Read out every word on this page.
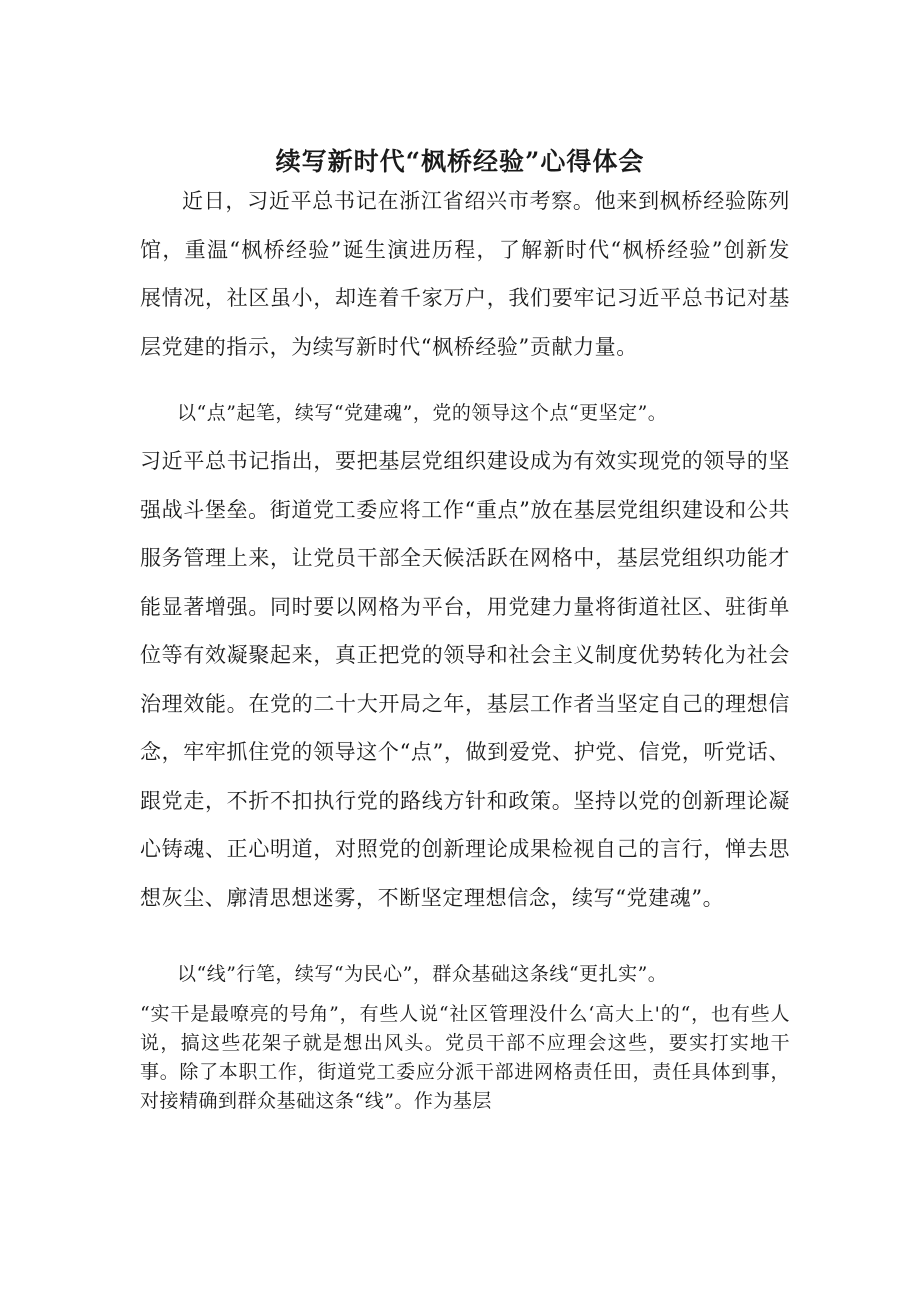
续写新时代“枫桥经验”心得体会

近日，习近平总书记在浙江省绍兴市考察。他来到枫桥经验陈列馆，重温“枫桥经验”诞生演进历程，了解新时代“枫桥经验”创新发展情况，社区虽小，却连着千家万户，我们要牢记习近平总书记对基层党建的指示，为续写新时代“枫桥经验”贡献力量。

以“点”起笔，续写“党建魂”，党的领导这个点“更坚定”。

习近平总书记指出，要把基层党组织建设成为有效实现党的领导的坚强战斗堡垒。街道党工委应将工作“重点”放在基层党组织建设和公共服务管理上来，让党员干部全天候活跃在网格中，基层党组织功能才能显著增强。同时要以网格为平台，用党建力量将街道社区、驻街单位等有效凝聚起来，真正把党的领导和社会主义制度优势转化为社会治理效能。在党的二十大开局之年，基层工作者当坚定自己的理想信念，牢牢抓住党的领导这个“点”，做到爱党、护党、信党，听党话、跟党走，不折不扣执行党的路线方针和政策。坚持以党的创新理论凝心铸魂、正心明道，对照党的创新理论成果检视自己的言行，惮去思想灰尘、廓清思想迷雾，不断坚定理想信念，续写“党建魂”。

以“线”行笔，续写“为民心”，群众基础这条线“更扎实”。

“实干是最嘹亮的号角”，有些人说“社区管理没什么‘高大上'的“，也有些人说，搞这些花架子就是想出风头。党员干部不应理会这些，要实打实地干事。除了本职工作，街道党工委应分派干部进网格责任田，责任具体到事，对接精确到群众基础这条“线”。作为基层
